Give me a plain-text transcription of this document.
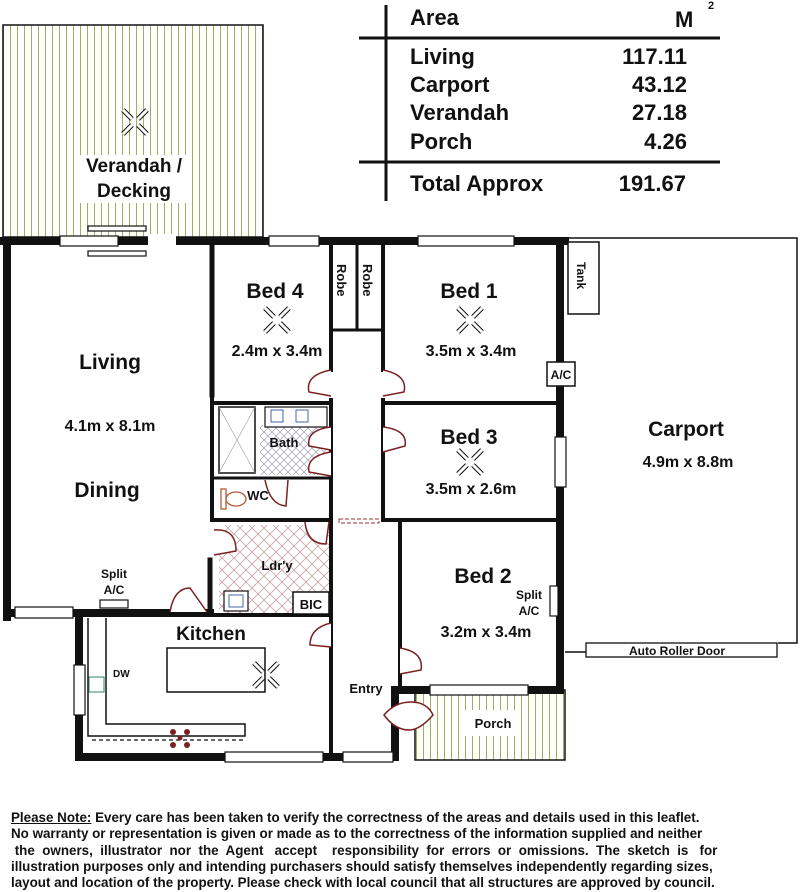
Verandah /
Decking
Living
4.1m x 8.1m
Dining
Bed 4
2.4m x 3.4m
Robe Robe	Bed 1
3.5m x 3.4m
Tank
A/C
Bath
WC
Bed 3
3.5m x 2.6m
Carport
4.9m x 8.8m
Ldr'y
BIC
Split
A/C
Bed 2
Split
A/C
3.2m x 3.4m
Kitchen
DW
Entry
Porch
Auto Roller Door
Area	M
2
Living	117.11
Carport	43.12
Verandah	27.18
Porch	4.26
Total Approx	191.67
Please Note: Every care has been taken to verify the correctness of the areas and details used in this leaflet.
No warranty or representation is given or made as to the correctness of the information supplied and neither
the  owners,  illustrator  nor  the  Agent   accept    responsibility  for  errors  or  omissions.  The  sketch  is   for
illustration purposes only and intending purchasers should satisfy themselves independently regarding sizes,
layout and location of the property. Please check with local council that all structures are approved by council.
